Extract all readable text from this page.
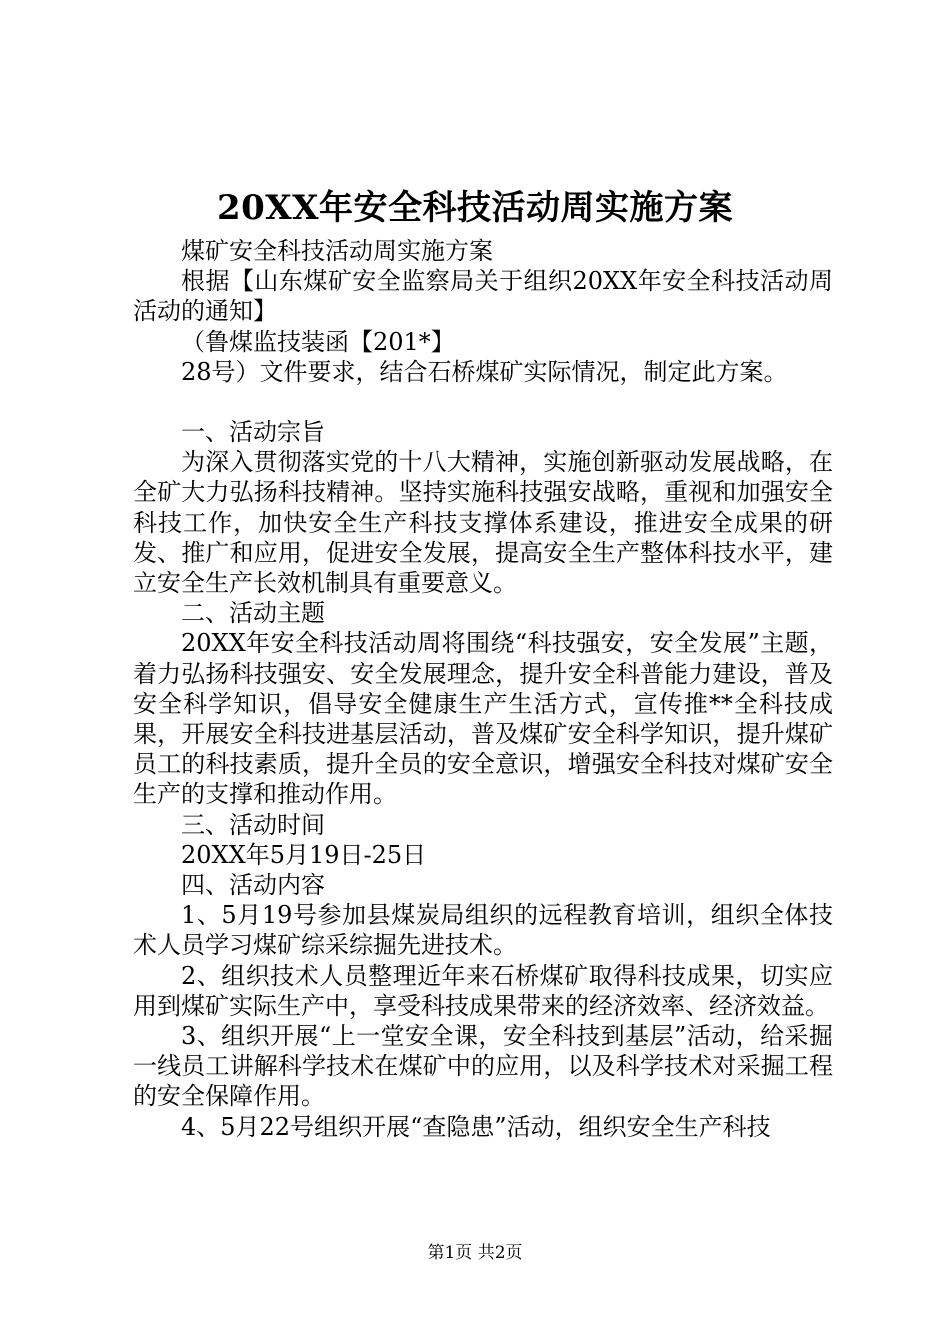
20XX年安全科技活动周实施方案

煤矿安全科技活动周实施方案

根据【山东煤矿安全监察局关于组织20XX年安全科技活动周活动的通知】

（鲁煤监技装函【201*】

28号）文件要求，结合石桥煤矿实际情况，制定此方案。

一、活动宗旨

为深入贯彻落实党的十八大精神，实施创新驱动发展战略，在全矿大力弘扬科技精神。坚持实施科技强安战略，重视和加强安全科技工作，加快安全生产科技支撑体系建设，推进安全成果的研发、推广和应用，促进安全发展，提高安全生产整体科技水平，建立安全生产长效机制具有重要意义。

二、活动主题

20XX年安全科技活动周将围绕“科技强安，安全发展”主题，着力弘扬科技强安、安全发展理念，提升安全科普能力建设，普及安全科学知识，倡导安全健康生产生活方式，宣传推**全科技成果，开展安全科技进基层活动，普及煤矿安全科学知识，提升煤矿员工的科技素质，提升全员的安全意识，增强安全科技对煤矿安全生产的支撑和推动作用。

三、活动时间

20XX年5月19日-25日

四、活动内容

1、5月19号参加县煤炭局组织的远程教育培训，组织全体技术人员学习煤矿综采综掘先进技术。

2、组织技术人员整理近年来石桥煤矿取得科技成果，切实应用到煤矿实际生产中，享受科技成果带来的经济效率、经济效益。

3、组织开展“上一堂安全课，安全科技到基层”活动，给采掘一线员工讲解科学技术在煤矿中的应用，以及科学技术对采掘工程的安全保障作用。

4、5月22号组织开展“查隐患”活动，组织安全生产科技

第1页 共2页
